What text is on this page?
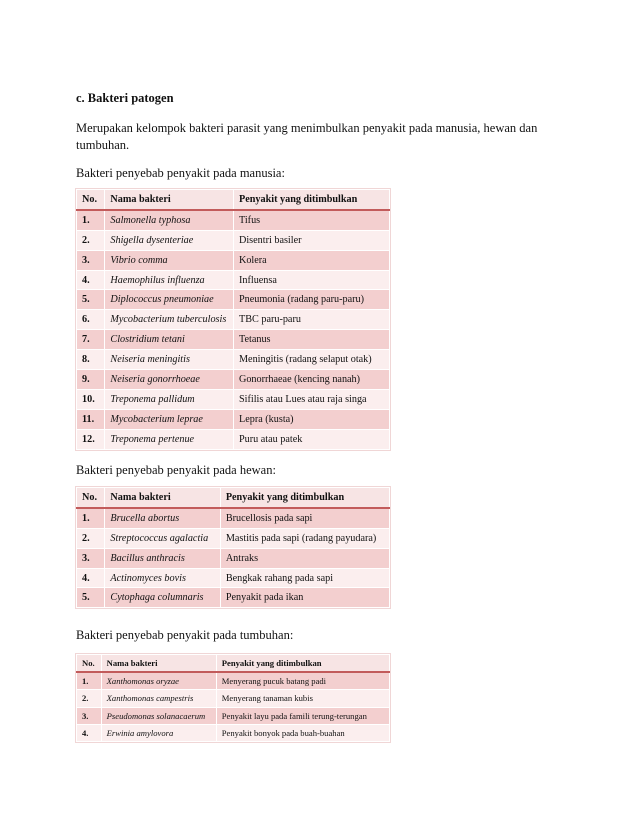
c. Bakteri patogen

Merupakan kelompok bakteri parasit yang menimbulkan penyakit pada manusia, hewan dan tumbuhan.

Bakteri penyebab penyakit pada manusia:

No.	Nama bakteri	Penyakit yang ditimbulkan
1.	Salmonella typhosa	Tifus
2.	Shigella dysenteriae	Disentri basiler
3.	Vibrio comma	Kolera
4.	Haemophilus influenza	Influensa
5.	Diplococcus pneumoniae	Pneumonia (radang paru-paru)
6.	Mycobacterium tuberculosis	TBC paru-paru
7.	Clostridium tetani	Tetanus
8.	Neiseria meningitis	Meningitis (radang selaput otak)
9.	Neiseria gonorrhoeae	Gonorrhaeae (kencing nanah)
10.	Treponema pallidum	Sifilis atau Lues atau raja singa
11.	Mycobacterium leprae	Lepra (kusta)
12.	Treponema pertenue	Puru atau patek

Bakteri penyebab penyakit pada hewan:

No.	Nama bakteri	Penyakit yang ditimbulkan
1.	Brucella abortus	Brucellosis pada sapi
2.	Streptococcus agalactia	Mastitis pada sapi (radang payudara)
3.	Bacillus anthracis	Antraks
4.	Actinomyces bovis	Bengkak rahang pada sapi
5.	Cytophaga columnaris	Penyakit pada ikan

Bakteri penyebab penyakit pada tumbuhan:

No.	Nama bakteri	Penyakit yang ditimbulkan
1.	Xanthomonas oryzae	Menyerang pucuk batang padi
2.	Xanthomonas campestris	Menyerang tanaman kubis
3.	Pseudomonas solanacaerum	Penyakit layu pada famili terung-terungan
4.	Erwinia amylovora	Penyakit bonyok pada buah-buahan
